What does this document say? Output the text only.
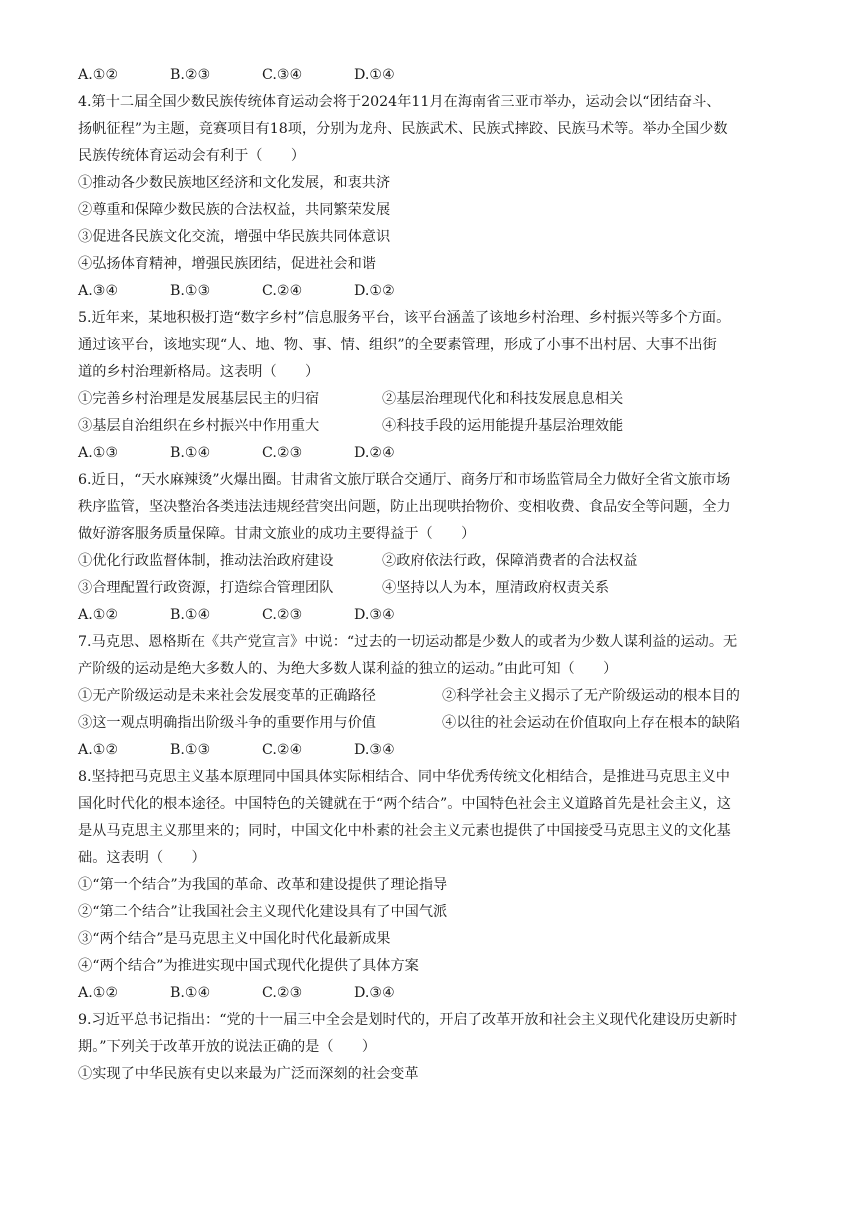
A.①②	B.②③	C.③④	D.①④
4.第十二届全国少数民族传统体育运动会将于2024年11月在海南省三亚市举办，运动会以“团结奋斗、
扬帆征程”为主题，竞赛项目有18项，分别为龙舟、民族武术、民族式摔跤、民族马术等。举办全国少数
民族传统体育运动会有利于（　　）
①推动各少数民族地区经济和文化发展，和衷共济
②尊重和保障少数民族的合法权益，共同繁荣发展
③促进各民族文化交流，增强中华民族共同体意识
④弘扬体育精神，增强民族团结，促进社会和谐
A.③④	B.①③	C.②④	D.①②
5.近年来，某地积极打造“数字乡村”信息服务平台，该平台涵盖了该地乡村治理、乡村振兴等多个方面。
通过该平台，该地实现“人、地、物、事、情、组织”的全要素管理，形成了小事不出村居、大事不出街
道的乡村治理新格局。这表明（　　）
①完善乡村治理是发展基层民主的归宿	②基层治理现代化和科技发展息息相关
③基层自治组织在乡村振兴中作用重大	④科技手段的运用能提升基层治理效能
A.①③	B.①④	C.②③	D.②④
6.近日，“天水麻辣烫”火爆出圈。甘肃省文旅厅联合交通厅、商务厅和市场监管局全力做好全省文旅市场
秩序监管，坚决整治各类违法违规经营突出问题，防止出现哄抬物价、变相收费、食品安全等问题，全力
做好游客服务质量保障。甘肃文旅业的成功主要得益于（　　）
①优化行政监督体制，推动法治政府建设	②政府依法行政，保障消费者的合法权益
③合理配置行政资源，打造综合管理团队	④坚持以人为本，厘清政府权责关系
A.①②	B.①④	C.②③	D.③④
7.马克思、恩格斯在《共产党宣言》中说：“过去的一切运动都是少数人的或者为少数人谋利益的运动。无
产阶级的运动是绝大多数人的、为绝大多数人谋利益的独立的运动。”由此可知（　　）
①无产阶级运动是未来社会发展变革的正确路径	②科学社会主义揭示了无产阶级运动的根本目的
③这一观点明确指出阶级斗争的重要作用与价值	④以往的社会运动在价值取向上存在根本的缺陷
A.①②	B.①③	C.②④	D.③④
8.坚持把马克思主义基本原理同中国具体实际相结合、同中华优秀传统文化相结合，是推进马克思主义中
国化时代化的根本途径。中国特色的关键就在于“两个结合”。中国特色社会主义道路首先是社会主义，这
是从马克思主义那里来的；同时，中国文化中朴素的社会主义元素也提供了中国接受马克思主义的文化基
础。这表明（　　）
①“第一个结合”为我国的革命、改革和建设提供了理论指导
②“第二个结合”让我国社会主义现代化建设具有了中国气派
③“两个结合”是马克思主义中国化时代化最新成果
④“两个结合”为推进实现中国式现代化提供了具体方案
A.①②	B.①④	C.②③	D.③④
9.习近平总书记指出：“党的十一届三中全会是划时代的，开启了改革开放和社会主义现代化建设历史新时
期。”下列关于改革开放的说法正确的是（　　）
①实现了中华民族有史以来最为广泛而深刻的社会变革
